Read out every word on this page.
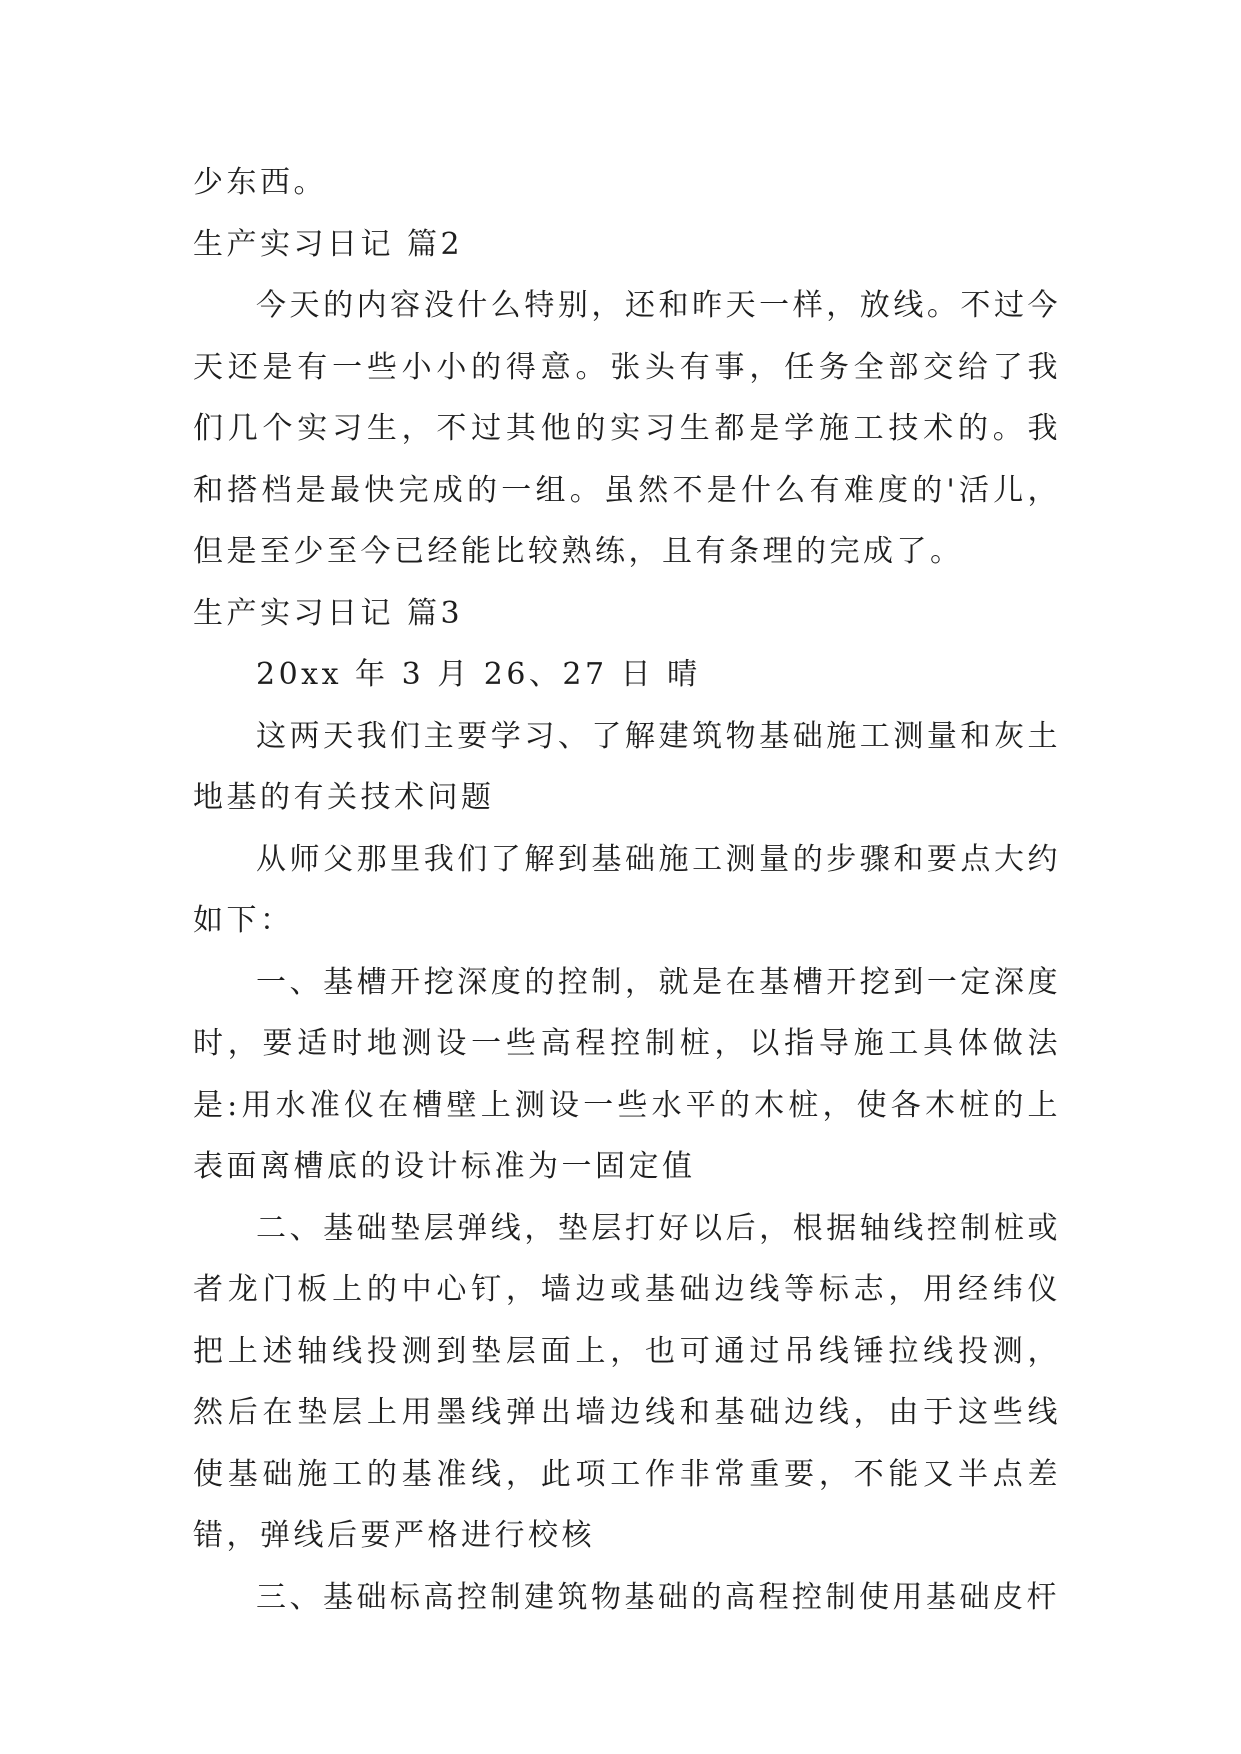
少东西。

生产实习日记 篇2

今天的内容没什么特别，还和昨天一样，放线。不过今天还是有一些小小的得意。张头有事，任务全部交给了我们几个实习生，不过其他的实习生都是学施工技术的。我和搭档是最快完成的一组。虽然不是什么有难度的'活儿，但是至少至今已经能比较熟练，且有条理的完成了。

生产实习日记 篇3

20xx 年 3 月 26、27 日 晴

这两天我们主要学习、了解建筑物基础施工测量和灰土地基的有关技术问题

从师父那里我们了解到基础施工测量的步骤和要点大约如下：

一、基槽开挖深度的控制，就是在基槽开挖到一定深度时，要适时地测设一些高程控制桩，以指导施工具体做法是:用水准仪在槽壁上测设一些水平的木桩，使各木桩的上表面离槽底的设计标准为一固定值

二、基础垫层弹线，垫层打好以后，根据轴线控制桩或者龙门板上的中心钉，墙边或基础边线等标志，用经纬仪把上述轴线投测到垫层面上，也可通过吊线锤拉线投测，然后在垫层上用墨线弹出墙边线和基础边线，由于这些线使基础施工的基准线，此项工作非常重要，不能又半点差错，弹线后要严格进行校核

三、基础标高控制建筑物基础的高程控制使用基础皮杆
